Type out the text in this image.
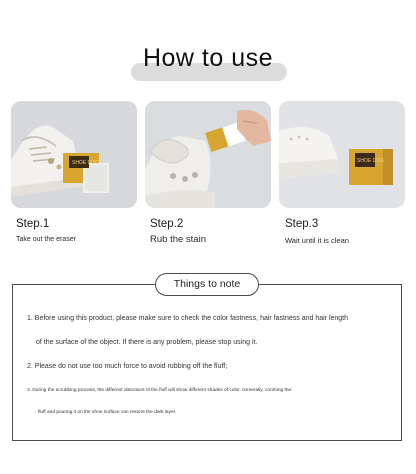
How to use
SHOE DOG	SHOE DOG
Step.1
Take out the eraser
Step.2
Rub the stain
Step.3
Wait until it is clean
Things to note
1. Before using this product, please make sure to check the color fastness, hair fastness and hair length
of the surface of the object. If there is any problem, please stop using it.
2. Please do not use too much force to avoid rubbing off the fluff;
3. During the scrubbing process, the different directions of the fluff will show different shades of color. Generally, combing the
fluff and pouring it on the shoe surface can restore the dark layer.
